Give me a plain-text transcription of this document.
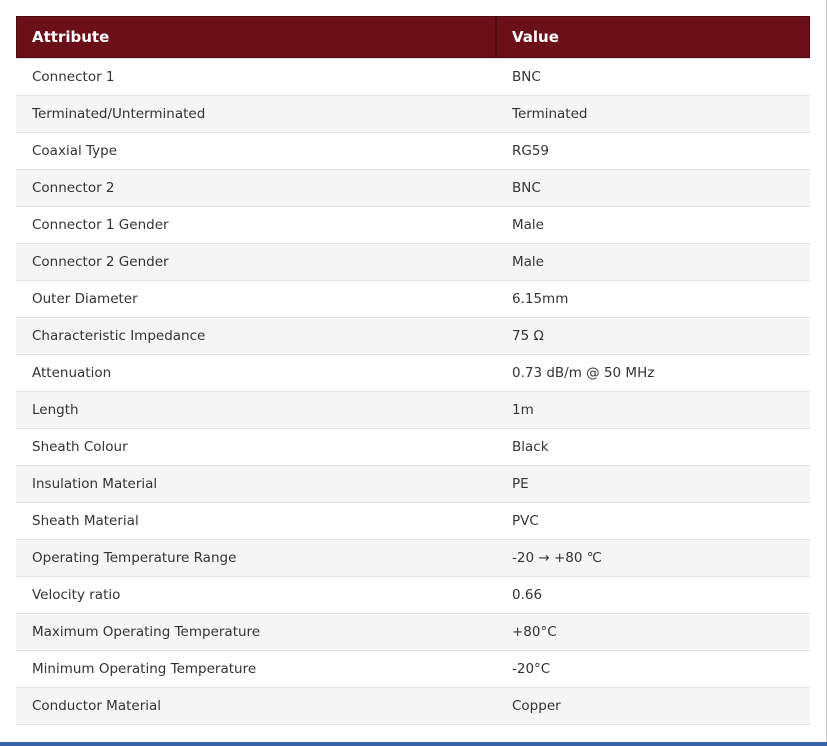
Attribute	Value
Connector 1	BNC
Terminated/Unterminated	Terminated
Coaxial Type	RG59
Connector 2	BNC
Connector 1 Gender	Male
Connector 2 Gender	Male
Outer Diameter	6.15mm
Characteristic Impedance	75 Ω
Attenuation	0.73 dB/m @ 50 MHz
Length	1m
Sheath Colour	Black
Insulation Material	PE
Sheath Material	PVC
Operating Temperature Range	-20 → +80 ℃
Velocity ratio	0.66
Maximum Operating Temperature	+80°C
Minimum Operating Temperature	-20°C
Conductor Material	Copper
